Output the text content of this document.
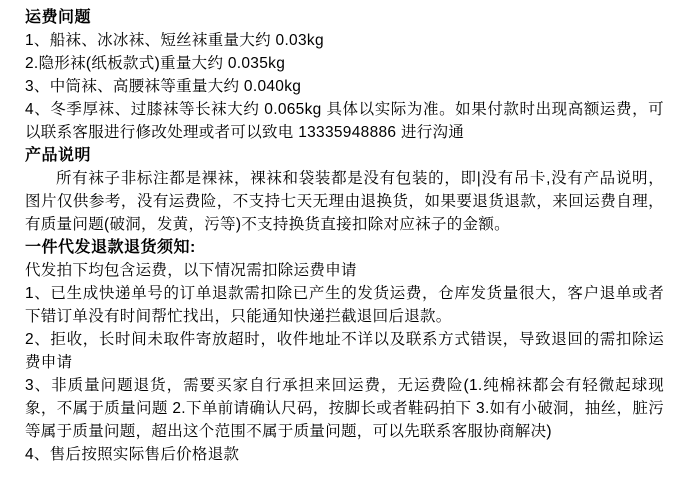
运费问题

1、船袜、冰冰袜、短丝袜重量大约 0.03kg

2.隐形袜(纸板款式)重量大约 0.035kg

3、中筒袜、高腰袜等重量大约 0.040kg

4、冬季厚袜、过膝袜等长袜大约 0.065kg 具体以实际为准。如果付款时出现高额运费，可以联系客服进行修改处理或者可以致电 13335948886 进行沟通

产品说明

所有袜子非标注都是裸袜，裸袜和袋装都是没有包装的，即|没有吊卡,没有产品说明，图片仅供参考，没有运费险，不支持七天无理由退换货，如果要退货退款，来回运费自理，有质量问题(破洞，发黄，污等)不支持换货直接扣除对应袜子的金额。

一件代发退款退货须知:

代发拍下均包含运费，以下情况需扣除运费申请

1、已生成快递单号的订单退款需扣除已产生的发货运费，仓库发货量很大，客户退单或者下错订单没有时间帮忙找出，只能通知快递拦截退回后退款。

2、拒收，长时间未取件寄放超时，收件地址不详以及联系方式错误，导致退回的需扣除运费申请

3、非质量问题退货，需要买家自行承担来回运费，无运费险(1.纯棉袜都会有轻微起球现象，不属于质量问题 2.下单前请确认尺码，按脚长或者鞋码拍下 3.如有小破洞，抽丝，脏污等属于质量问题，超出这个范围不属于质量问题，可以先联系客服协商解决)

4、售后按照实际售后价格退款
